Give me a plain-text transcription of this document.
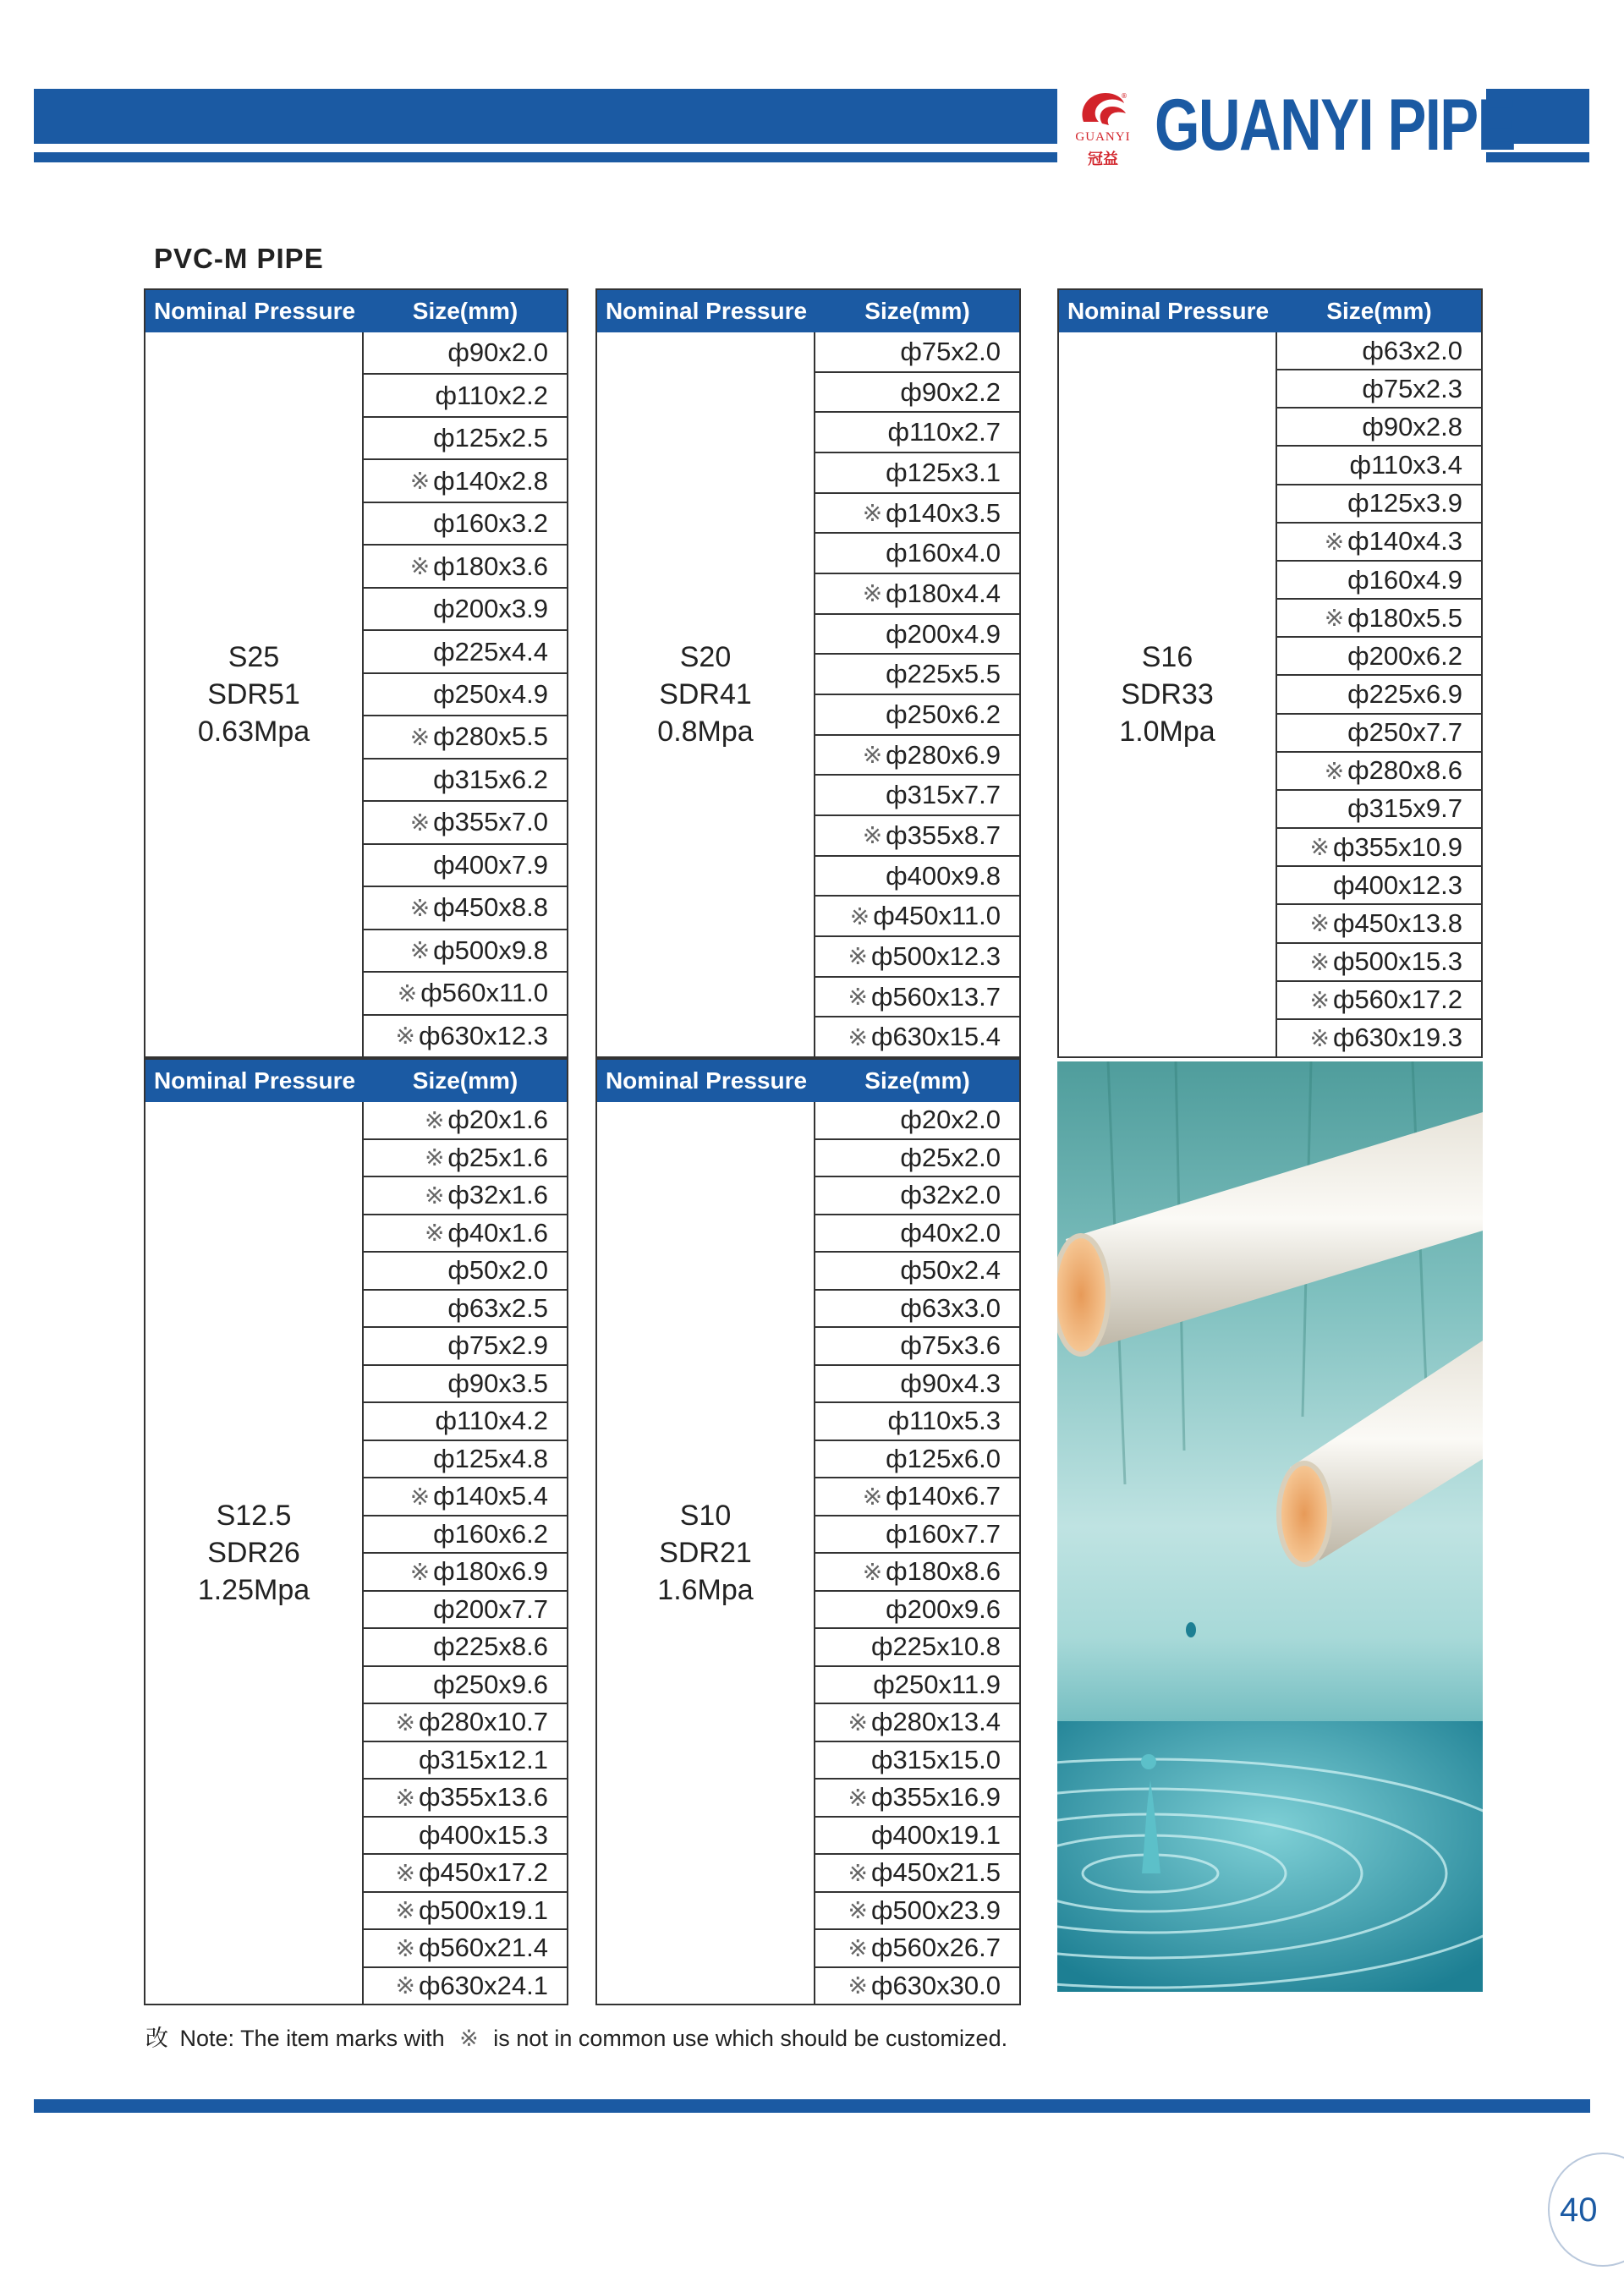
®
GUANYI
冠益 GUANYI PIPE
PVC-M PIPE
Nominal Pressure	Size(mm)
S25
SDR51
0.63Mpa
ф90x2.0
ф110x2.2
ф125x2.5
※ ф140x2.8
ф160x3.2
※ ф180x3.6
ф200x3.9
ф225x4.4
ф250x4.9
※ ф280x5.5
ф315x6.2
※ ф355x7.0
ф400x7.9
※ ф450x8.8
※ ф500x9.8
※ ф560x11.0
※ ф630x12.3
Nominal Pressure	Size(mm)
S20
SDR41
0.8Mpa
ф75x2.0
ф90x2.2
ф110x2.7
ф125x3.1
※ ф140x3.5
ф160x4.0
※ ф180x4.4
ф200x4.9
ф225x5.5
ф250x6.2
※ ф280x6.9
ф315x7.7
※ ф355x8.7
ф400x9.8
※ ф450x11.0
※ ф500x12.3
※ ф560x13.7
※ ф630x15.4
Nominal Pressure	Size(mm)
S16
SDR33
1.0Mpa
ф63x2.0
ф75x2.3
ф90x2.8
ф110x3.4
ф125x3.9
※ ф140x4.3
ф160x4.9
※ ф180x5.5
ф200x6.2
ф225x6.9
ф250x7.7
※ ф280x8.6
ф315x9.7
※ ф355x10.9
ф400x12.3
※ ф450x13.8
※ ф500x15.3
※ ф560x17.2
※ ф630x19.3
Nominal Pressure	Size(mm)
S12.5
SDR26
1.25Mpa
※ ф20x1.6
※ ф25x1.6
※ ф32x1.6
※ ф40x1.6
ф50x2.0
ф63x2.5
ф75x2.9
ф90x3.5
ф110x4.2
ф125x4.8
※ ф140x5.4
ф160x6.2
※ ф180x6.9
ф200x7.7
ф225x8.6
ф250x9.6
※ ф280x10.7
ф315x12.1
※ ф355x13.6
ф400x15.3
※ ф450x17.2
※ ф500x19.1
※ ф560x21.4
※ ф630x24.1
Nominal Pressure	Size(mm)
S10
SDR21
1.6Mpa
ф20x2.0
ф25x2.0
ф32x2.0
ф40x2.0
ф50x2.4
ф63x3.0
ф75x3.6
ф90x4.3
ф110x5.3
ф125x6.0
※ ф140x6.7
ф160x7.7
※ ф180x8.6
ф200x9.6
ф225x10.8
ф250x11.9
※ ф280x13.4
ф315x15.0
※ ф355x16.9
ф400x19.1
※ ф450x21.5
※ ф500x23.9
※ ф560x26.7
※ ф630x30.0
改 Note: The item marks with ※ is not in common use which should be customized.
40
